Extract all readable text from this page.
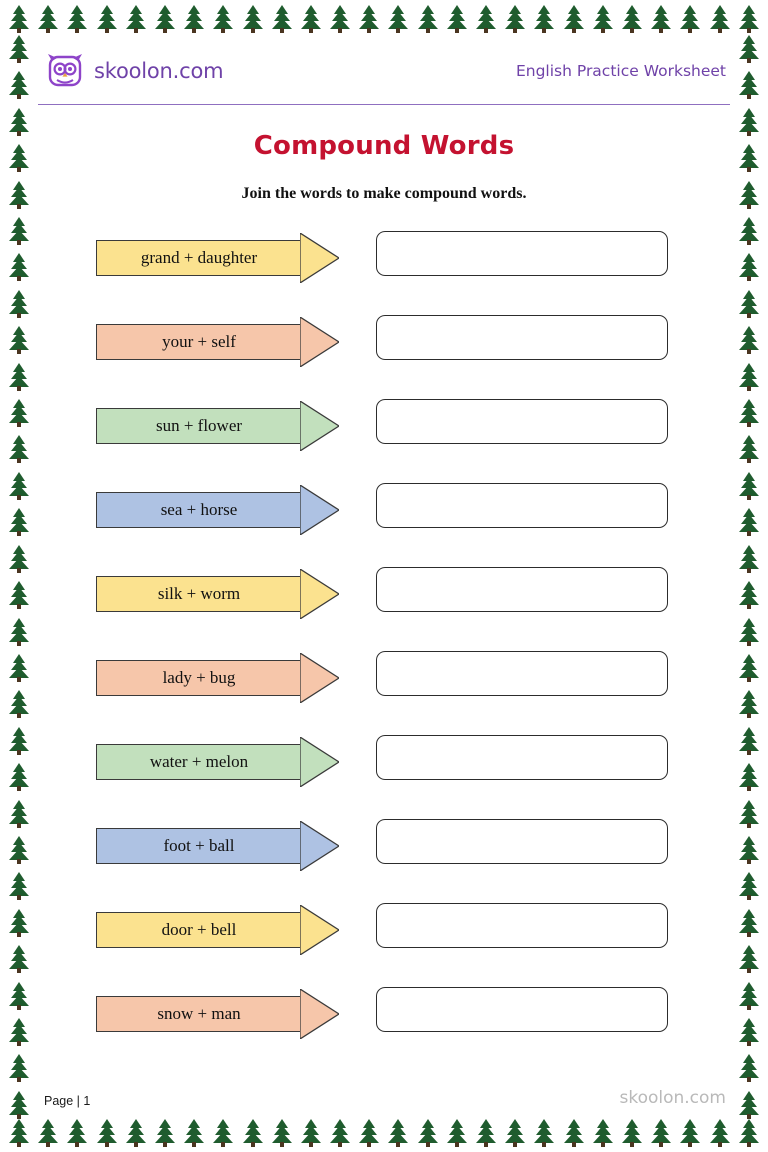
skoolon.com	English Practice Worksheet
Compound Words
Join the words to make compound words.
grand + daughter
your + self
sun + flower
sea + horse
silk + worm
lady + bug
water + melon
foot + ball
door + bell
snow + man
Page | 1	skoolon.com
